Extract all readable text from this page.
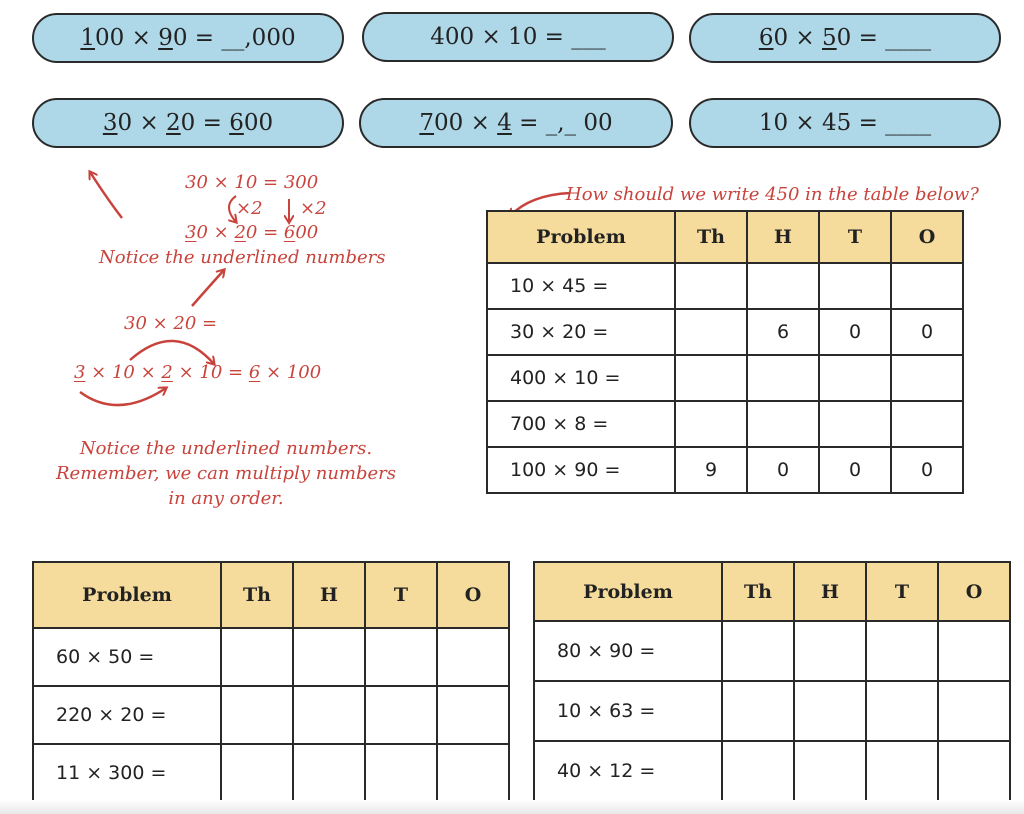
1 00 × 9 0 = __,000	400 × 10 = ___	6 0 × 5 0 = ____
3 0 × 2 0 = 6 00	7 00 × 4 = _,_ 00	10 × 45 = ____
30 × 10 = 300
×2 ×2
30 × 20 = 600
Notice the underlined numbers
30 × 20 =
3 × 10 × 2 × 10 = 6 × 100
Notice the underlined numbers.
Remember, we can multiply numbers
in any order.
How should we write 450 in the table below?
Problem	Th	H	T	O
10 × 45 =				
30 × 20 =		6	0	0
400 × 10 =				
700 × 8 =				
100 × 90 =	9	0	0	0
Problem	Th	H	T	O
60 × 50 =				
220 × 20 =				
11 × 300 =				
Problem	Th	H	T	O
80 × 90 =				
10 × 63 =				
40 × 12 =				
